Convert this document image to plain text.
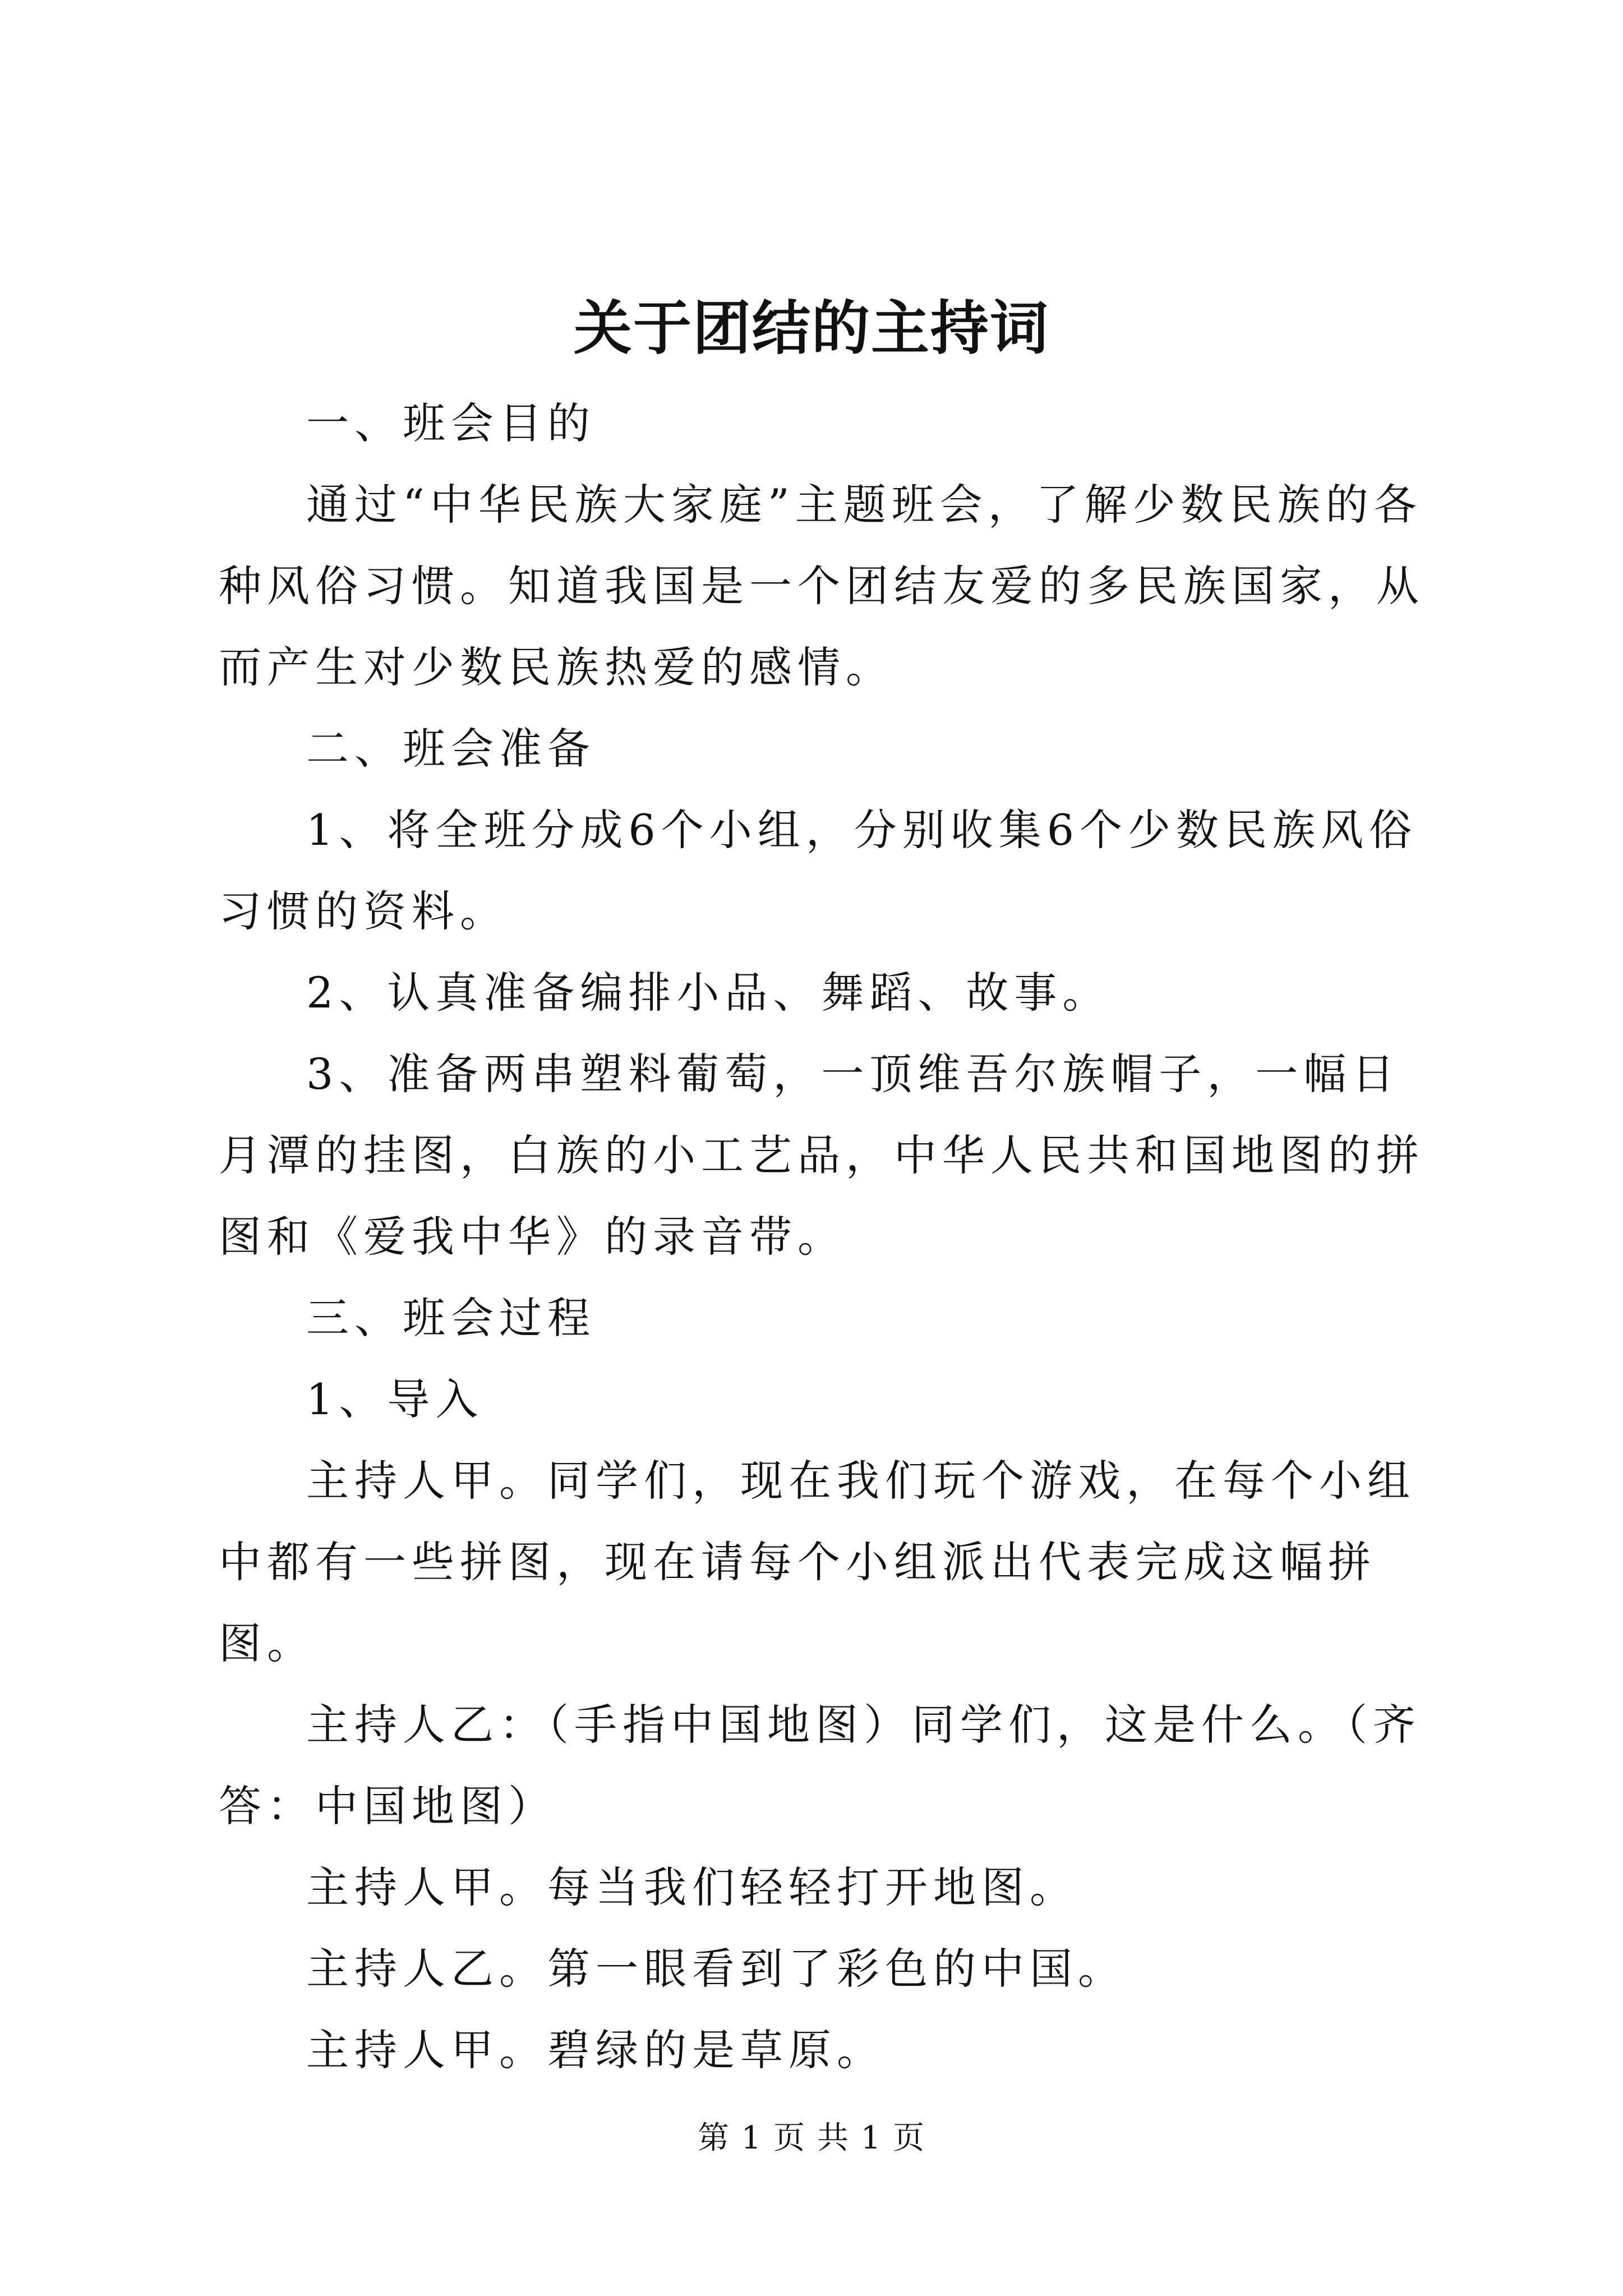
关于团结的主持词

一、班会目的

通过“中华民族大家庭”主题班会，了解少数民族的各种风俗习惯。知道我国是一个团结友爱的多民族国家，从而产生对少数民族热爱的感情。

二、班会准备

1、将全班分成6个小组，分别收集6个少数民族风俗习惯的资料。

2、认真准备编排小品、舞蹈、故事。

3、准备两串塑料葡萄，一顶维吾尔族帽子，一幅日月潭的挂图，白族的小工艺品，中华人民共和国地图的拼图和《爱我中华》的录音带。

三、班会过程

1、导入

主持人甲。同学们，现在我们玩个游戏，在每个小组中都有一些拼图，现在请每个小组派出代表完成这幅拼图。

主持人乙：（手指中国地图）同学们，这是什么。（齐答：中国地图）

主持人甲。每当我们轻轻打开地图。

主持人乙。第一眼看到了彩色的中国。

主持人甲。碧绿的是草原。

第 1 页 共 1 页
